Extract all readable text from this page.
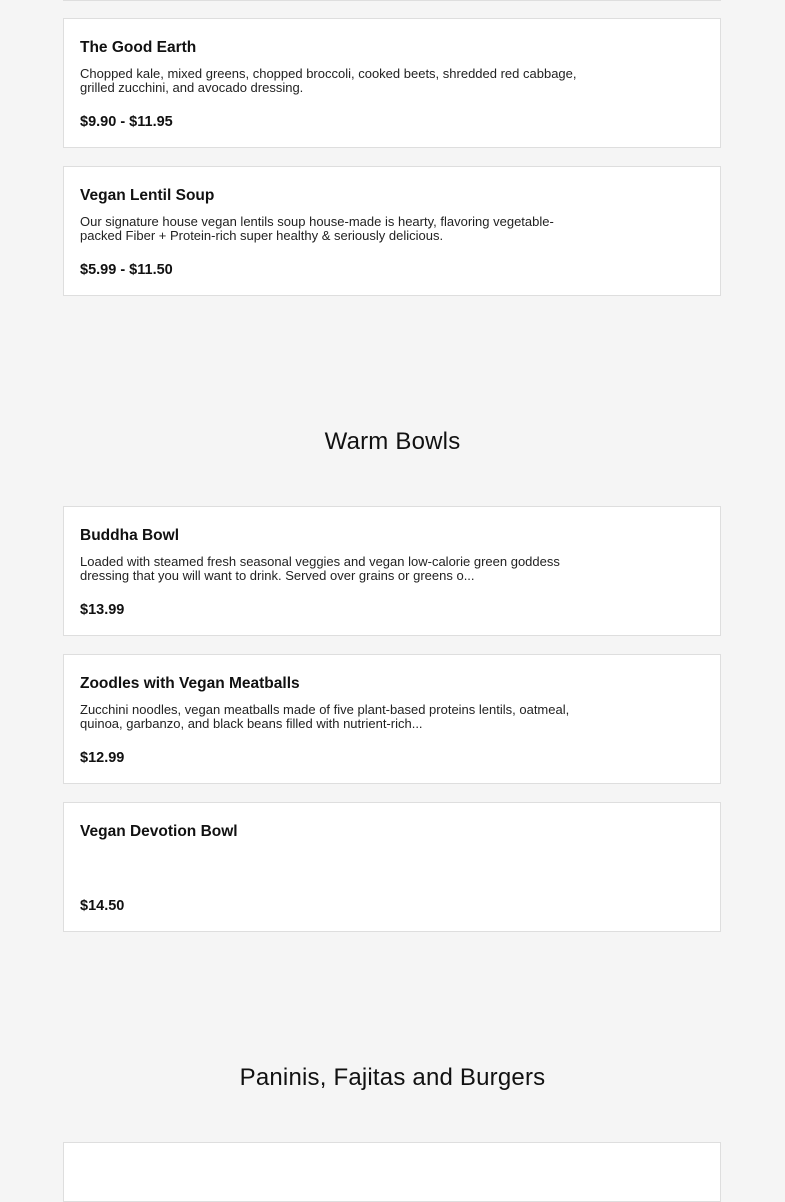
The Good Earth
Chopped kale, mixed greens, chopped broccoli, cooked beets, shredded red cabbage, grilled zucchini, and avocado dressing.
$9.90 - $11.95
Vegan Lentil Soup
Our signature house vegan lentils soup house-made is hearty, flavoring vegetable-packed Fiber + Protein-rich super healthy & seriously delicious.
$5.99 - $11.50
Warm Bowls
Buddha Bowl
Loaded with steamed fresh seasonal veggies and vegan low-calorie green goddess dressing that you will want to drink. Served over grains or greens o...
$13.99
Zoodles with Vegan Meatballs
Zucchini noodles, vegan meatballs made of five plant-based proteins lentils, oatmeal, quinoa, garbanzo, and black beans filled with nutrient-rich...
$12.99
Vegan Devotion Bowl
$14.50
Paninis, Fajitas and Burgers
